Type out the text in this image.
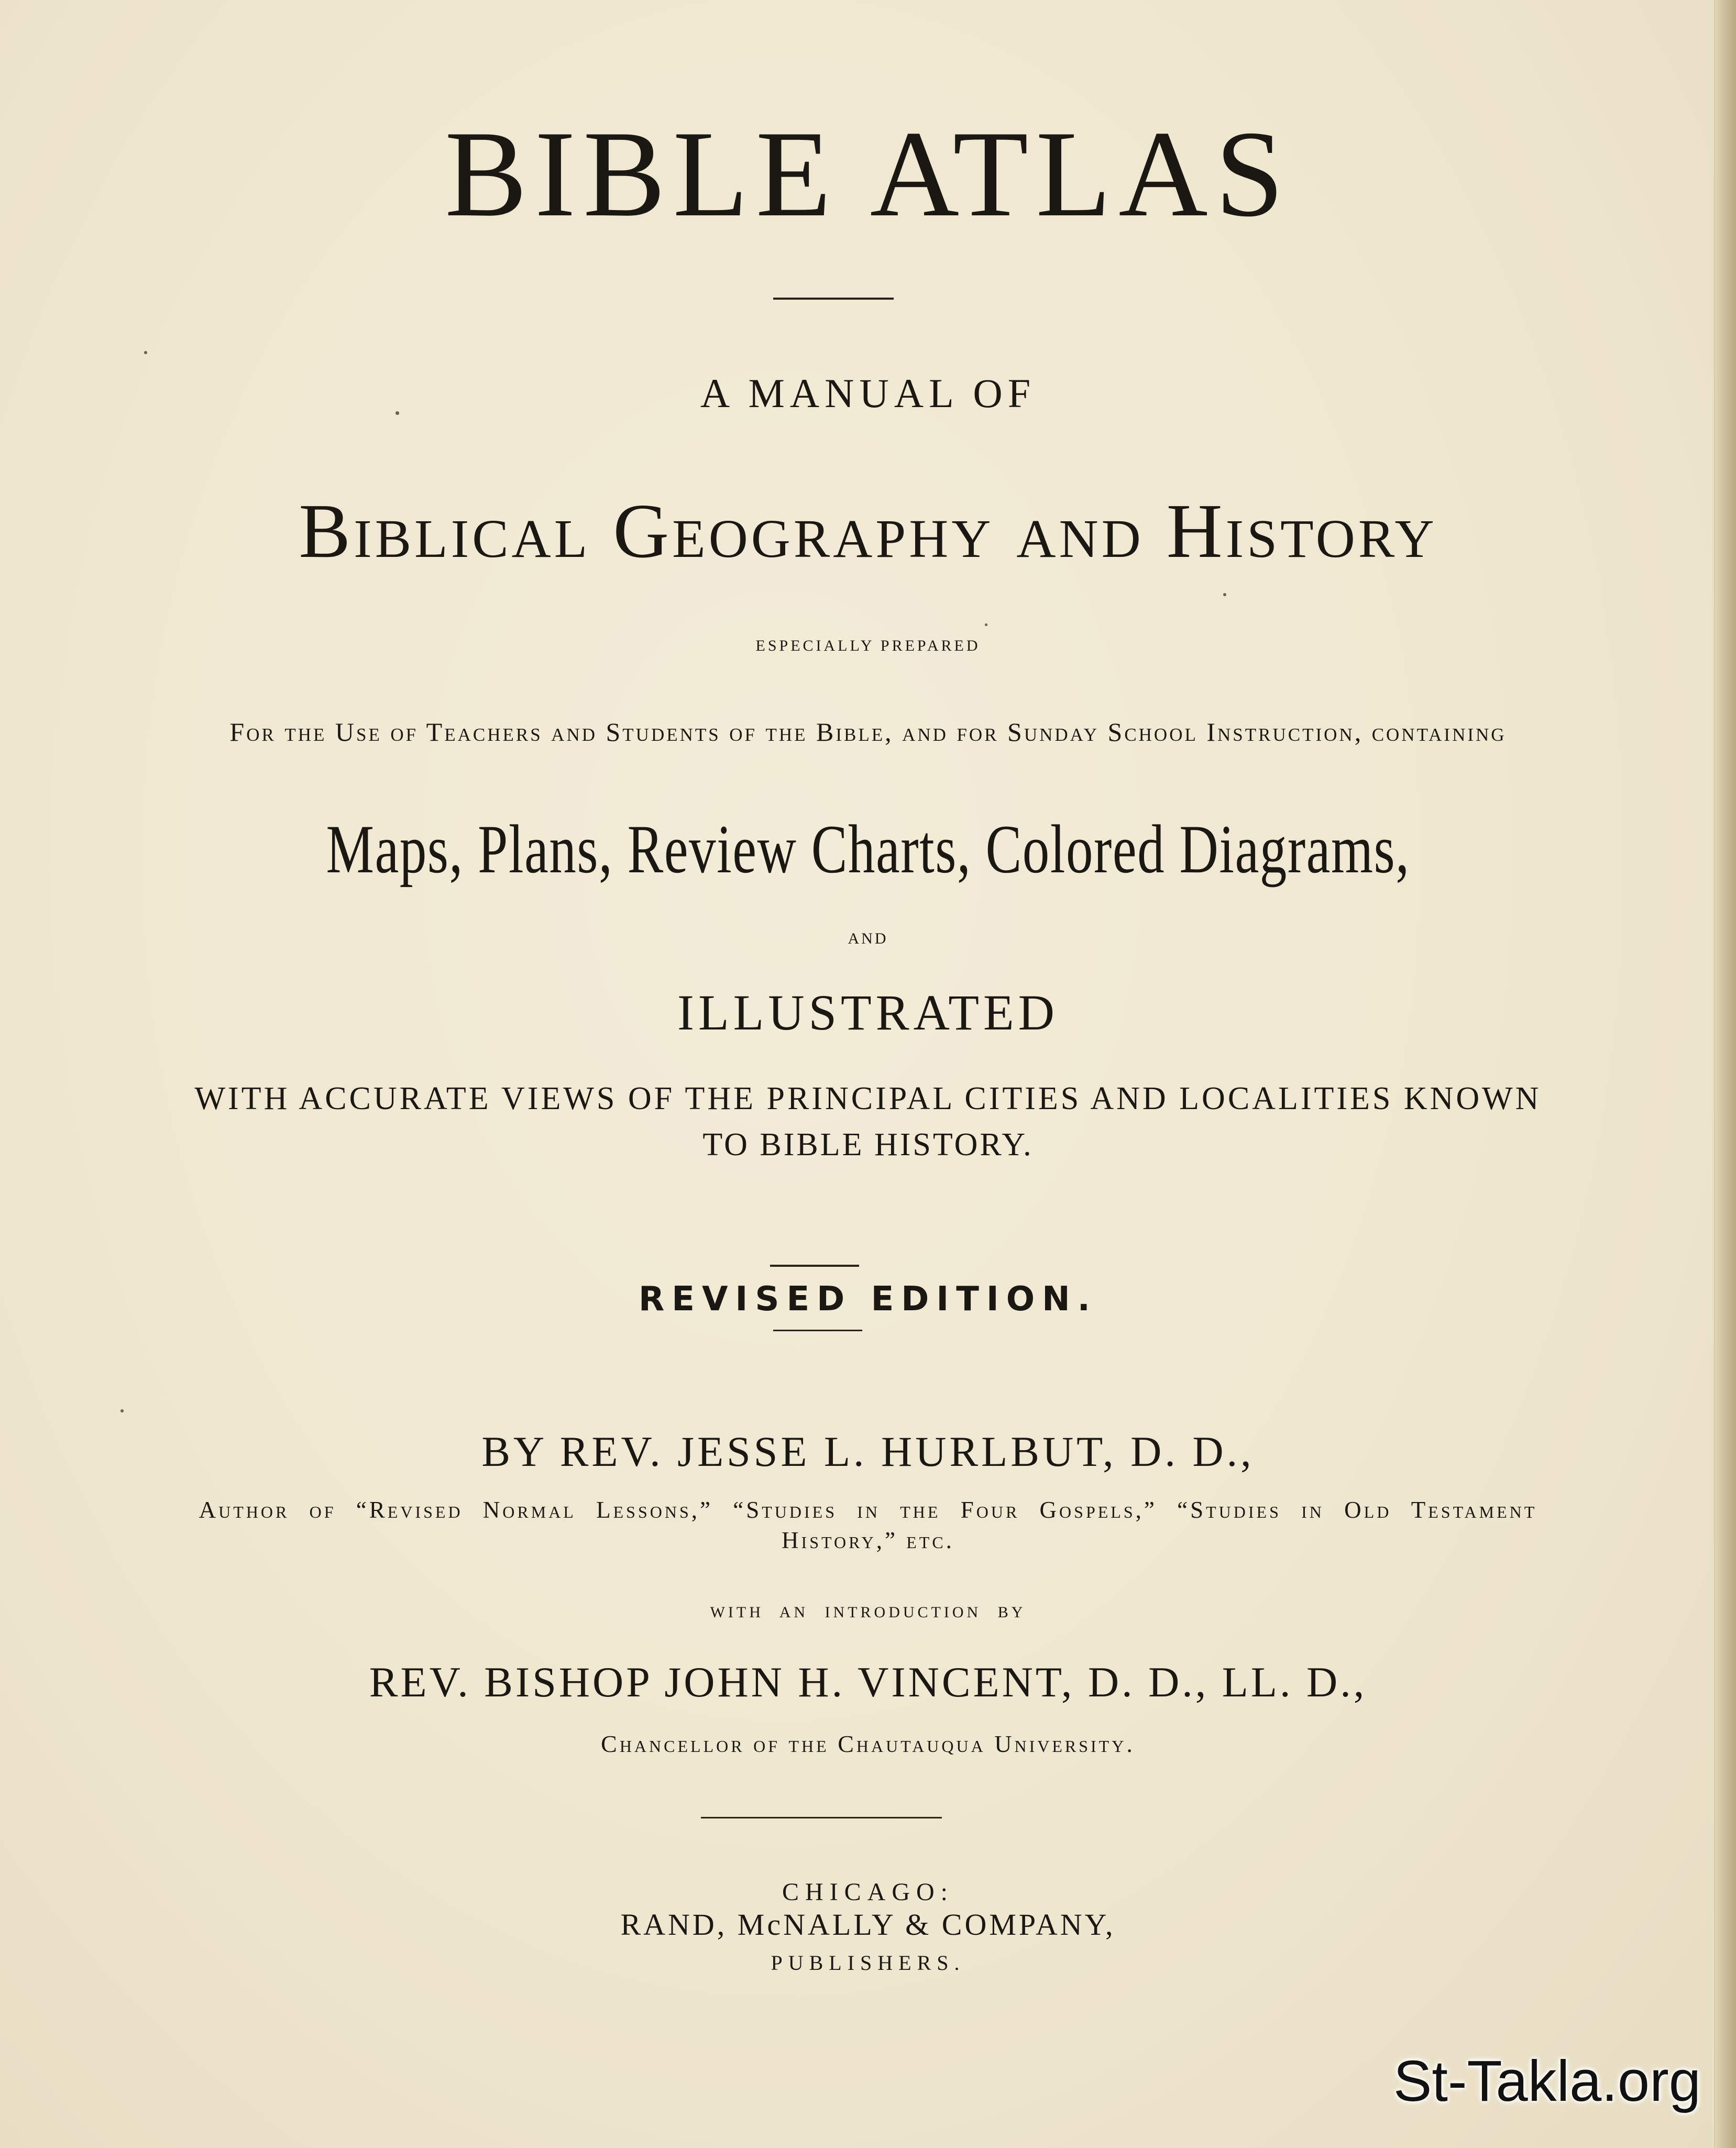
BIBLE ATLAS
A MANUAL OF
Biblical Geography and History
ESPECIALLY PREPARED
For the Use of Teachers and Students of the Bible, and for Sunday School Instruction, containing
Maps, Plans, Review Charts, Colored Diagrams,
AND
ILLUSTRATED
WITH ACCURATE VIEWS OF THE PRINCIPAL CITIES AND LOCALITIES KNOWN
TO BIBLE HISTORY.
REVISED EDITION.
BY REV. JESSE L. HURLBUT, D. D.,
Author of “Revised Normal Lessons,” “Studies in the Four Gospels,” “Studies in Old Testament
History,” etc.
WITH AN INTRODUCTION BY
REV. BISHOP JOHN H. VINCENT, D. D., LL. D.,
Chancellor of the Chautauqua University.
CHICAGO:
RAND, McNALLY & COMPANY,
PUBLISHERS.
St-Takla.org
